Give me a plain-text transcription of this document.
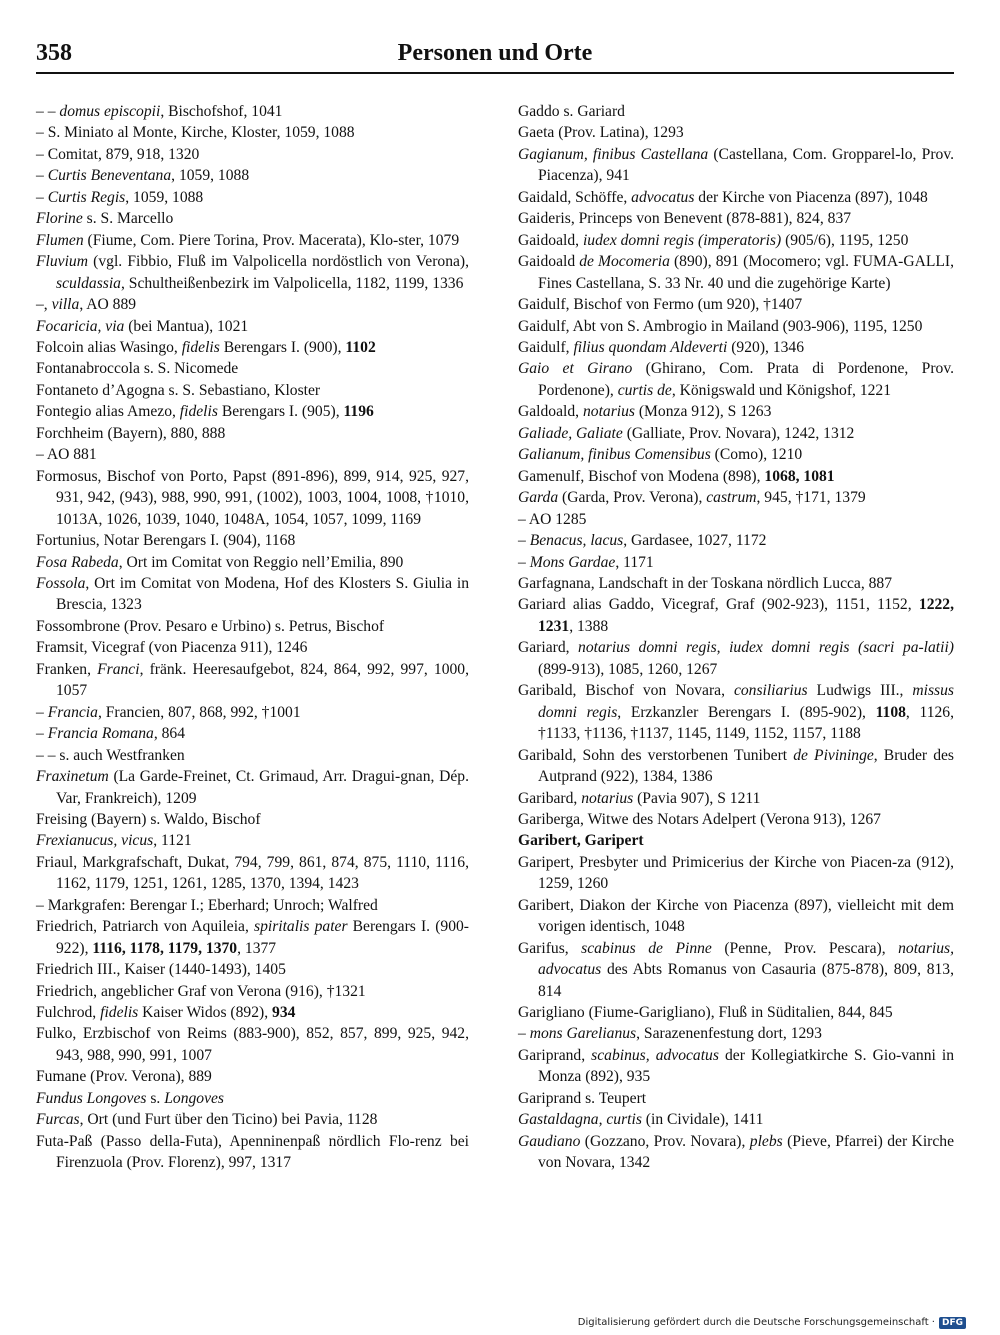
358	Personen und Orte
– – domus episcopii, Bischofshof, 1041
– S. Miniato al Monte, Kirche, Kloster, 1059, 1088
– Comitat, 879, 918, 1320
– Curtis Beneventana, 1059, 1088
– Curtis Regis, 1059, 1088
Florine s. S. Marcello
Flumen (Fiume, Com. Piere Torina, Prov. Macerata), Klo-ster, 1079
Fluvium (vgl. Fibbio, Fluß im Valpolicella nordöstlich von Verona), sculdassia, Schultheißenbezirk im Valpolicella, 1182, 1199, 1336
–, villa, AO 889
Focaricia, via (bei Mantua), 1021
Folcoin alias Wasingo, fidelis Berengars I. (900), 1102
Fontanabroccola s. S. Nicomede
Fontaneto d’Agogna s. S. Sebastiano, Kloster
Fontegio alias Amezo, fidelis Berengars I. (905), 1196
Forchheim (Bayern), 880, 888
– AO 881
Formosus, Bischof von Porto, Papst (891-896), 899, 914, 925, 927, 931, 942, (943), 988, 990, 991, (1002), 1003, 1004, 1008, †1010, 1013A, 1026, 1039, 1040, 1048A, 1054, 1057, 1099, 1169
Fortunius, Notar Berengars I. (904), 1168
Fosa Rabeda, Ort im Comitat von Reggio nell’Emilia, 890
Fossola, Ort im Comitat von Modena, Hof des Klosters S. Giulia in Brescia, 1323
Fossombrone (Prov. Pesaro e Urbino) s. Petrus, Bischof
Framsit, Vicegraf (von Piacenza 911), 1246
Franken, Franci, fränk. Heeresaufgebot, 824, 864, 992, 997, 1000, 1057
– Francia, Francien, 807, 868, 992, †1001
– Francia Romana, 864
– – s. auch Westfranken
Fraxinetum (La Garde-Freinet, Ct. Grimaud, Arr. Dragui-gnan, Dép. Var, Frankreich), 1209
Freising (Bayern) s. Waldo, Bischof
Frexianucus, vicus, 1121
Friaul, Markgrafschaft, Dukat, 794, 799, 861, 874, 875, 1110, 1116, 1162, 1179, 1251, 1261, 1285, 1370, 1394, 1423
– Markgrafen: Berengar I.; Eberhard; Unroch; Walfred
Friedrich, Patriarch von Aquileia, spiritalis pater Berengars I. (900-922), 1116, 1178, 1179, 1370, 1377
Friedrich III., Kaiser (1440-1493), 1405
Friedrich, angeblicher Graf von Verona (916), †1321
Fulchrod, fidelis Kaiser Widos (892), 934
Fulko, Erzbischof von Reims (883-900), 852, 857, 899, 925, 942, 943, 988, 990, 991, 1007
Fumane (Prov. Verona), 889
Fundus Longoves s. Longoves
Furcas, Ort (und Furt über den Ticino) bei Pavia, 1128
Futa-Paß (Passo della-Futa), Apenninenpaß nördlich Flo-renz bei Firenzuola (Prov. Florenz), 997, 1317
Gaddo s. Gariard
Gaeta (Prov. Latina), 1293
Gagianum, finibus Castellana (Castellana, Com. Gropparel-lo, Prov. Piacenza), 941
Gaidald, Schöffe, advocatus der Kirche von Piacenza (897), 1048
Gaideris, Princeps von Benevent (878-881), 824, 837
Gaidoald, iudex domni regis (imperatoris) (905/6), 1195, 1250
Gaidoald de Mocomeria (890), 891 (Mocomero; vgl. FUMA-GALLI, Fines Castellana, S. 33 Nr. 40 und die zugehörige Karte)
Gaidulf, Bischof von Fermo (um 920), †1407
Gaidulf, Abt von S. Ambrogio in Mailand (903-906), 1195, 1250
Gaidulf, filius quondam Aldeverti (920), 1346
Gaio et Girano (Ghirano, Com. Prata di Pordenone, Prov. Pordenone), curtis de, Königswald und Königshof, 1221
Galdoald, notarius (Monza 912), S 1263
Galiade, Galiate (Galliate, Prov. Novara), 1242, 1312
Galianum, finibus Comensibus (Como), 1210
Gamenulf, Bischof von Modena (898), 1068, 1081
Garda (Garda, Prov. Verona), castrum, 945, †171, 1379
– AO 1285
– Benacus, lacus, Gardasee, 1027, 1172
– Mons Gardae, 1171
Garfagnana, Landschaft in der Toskana nördlich Lucca, 887
Gariard alias Gaddo, Vicegraf, Graf (902-923), 1151, 1152, 1222, 1231, 1388
Gariard, notarius domni regis, iudex domni regis (sacri pa-latii) (899-913), 1085, 1260, 1267
Garibald, Bischof von Novara, consiliarius Ludwigs III., missus domni regis, Erzkanzler Berengars I. (895-902), 1108, 1126, †1133, †1136, †1137, 1145, 1149, 1152, 1157, 1188
Garibald, Sohn des verstorbenen Tunibert de Pivininge, Bruder des Autprand (922), 1384, 1386
Garibard, notarius (Pavia 907), S 1211
Gariberga, Witwe des Notars Adelpert (Verona 913), 1267
Garibert, Garipert
Garipert, Presbyter und Primicerius der Kirche von Piacen-za (912), 1259, 1260
Garibert, Diakon der Kirche von Piacenza (897), vielleicht mit dem vorigen identisch, 1048
Garifus, scabinus de Pinne (Penne, Prov. Pescara), notarius, advocatus des Abts Romanus von Casauria (875-878), 809, 813, 814
Garigliano (Fiume-Garigliano), Fluß in Süditalien, 844, 845
– mons Garelianus, Sarazenenfestung dort, 1293
Gariprand, scabinus, advocatus der Kollegiatkirche S. Gio-vanni in Monza (892), 935
Gariprand s. Teupert
Gastaldagna, curtis (in Cividale), 1411
Gaudiano (Gozzano, Prov. Novara), plebs (Pieve, Pfarrei) der Kirche von Novara, 1342
Digitalisierung gefördert durch die Deutsche Forschungsgemeinschaft · DFG
